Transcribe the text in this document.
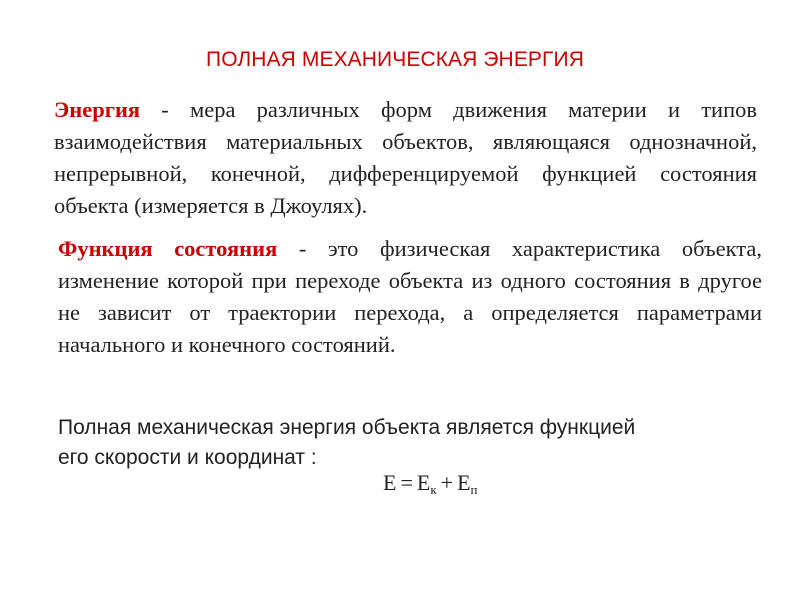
ПОЛНАЯ МЕХАНИЧЕСКАЯ ЭНЕРГИЯ

Энергия - мера различных форм движения материи и типов взаимодействия материальных объектов, являющаяся однозначной, непрерывной, конечной, дифференцируемой функцией состояния объекта (измеряется в Джоулях).

Функция состояния - это физическая характеристика объекта, изменение которой при переходе объекта из одного состояния в другое не зависит от траектории перехода, а определяется параметрами начального и конечного состояний.

Полная механическая энергия объекта является функцией
его скорости и координат :
$E = E_к + E_п$
